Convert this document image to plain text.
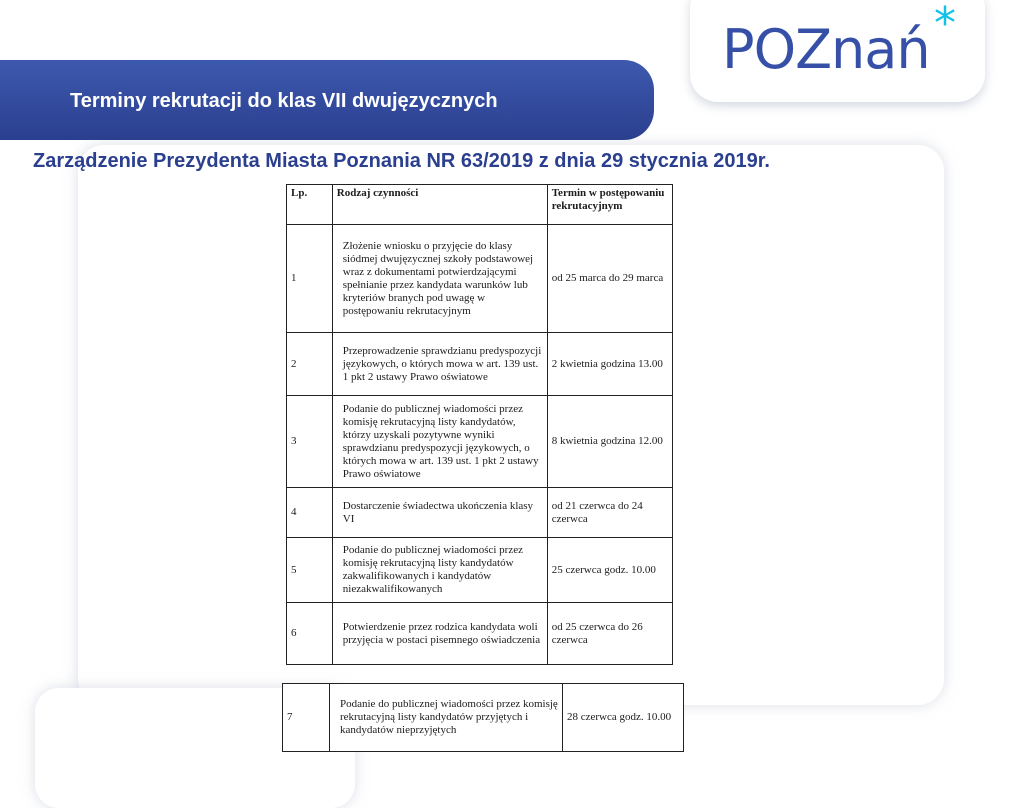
Terminy rekrutacji do klas VII dwujęzycznych
POZnań *
Zarządzenie Prezydenta Miasta Poznania NR 63/2019 z dnia 29 stycznia 2019r.
Lp.	Rodzaj czynności	Termin w postępowaniu rekrutacyjnym
1	Złożenie wniosku o przyjęcie do klasy siódmej dwujęzycznej szkoły podstawowej wraz z dokumentami potwierdzającymi spełnianie przez kandydata warunków lub kryteriów branych pod uwagę w postępowaniu rekrutacyjnym	od 25 marca do 29 marca
2	Przeprowadzenie sprawdzianu predyspozycji językowych, o których mowa w art. 139 ust. 1 pkt 2 ustawy Prawo oświatowe	2 kwietnia godzina 13.00
3	Podanie do publicznej wiadomości przez komisję rekrutacyjną listy kandydatów, którzy uzyskali pozytywne wyniki sprawdzianu predyspozycji językowych, o których mowa w art. 139 ust. 1 pkt 2 ustawy Prawo oświatowe	8 kwietnia godzina 12.00
4	Dostarczenie świadectwa ukończenia klasy VI	od 21 czerwca do 24 czerwca
5	Podanie do publicznej wiadomości przez komisję rekrutacyjną listy kandydatów zakwalifikowanych i kandydatów niezakwalifikowanych	25 czerwca godz. 10.00
6	Potwierdzenie przez rodzica kandydata woli przyjęcia w postaci pisemnego oświadczenia	od 25 czerwca do 26 czerwca
7	Podanie do publicznej wiadomości przez komisję rekrutacyjną listy kandydatów przyjętych i kandydatów nieprzyjętych	28 czerwca godz. 10.00
